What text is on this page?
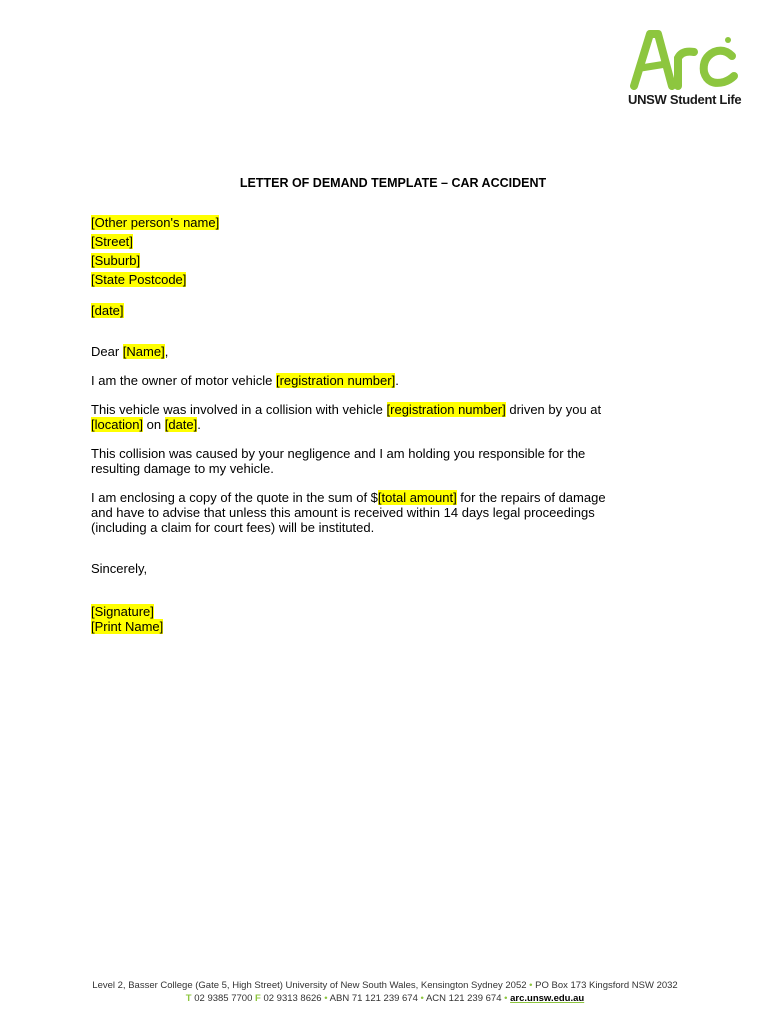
UNSW Student Life
LETTER OF DEMAND TEMPLATE – CAR ACCIDENT
[Other person's name]
[Street]
[Suburb]
[State Postcode]
[date]
Dear [Name],
I am the owner of motor vehicle [registration number].
This vehicle was involved in a collision with vehicle [registration number] driven by you at
[location] on [date].
This collision was caused by your negligence and I am holding you responsible for the
resulting damage to my vehicle.
I am enclosing a copy of the quote in the sum of $[total amount] for the repairs of damage
and have to advise that unless this amount is received within 14 days legal proceedings
(including a claim for court fees) will be instituted.
Sincerely,
[Signature]
[Print Name]
Level 2, Basser College (Gate 5, High Street) University of New South Wales, Kensington Sydney 2052 • PO Box 173 Kingsford NSW 2032
T 02 9385 7700 F 02 9313 8626 • ABN 71 121 239 674 • ACN 121 239 674 • arc.unsw.edu.au
